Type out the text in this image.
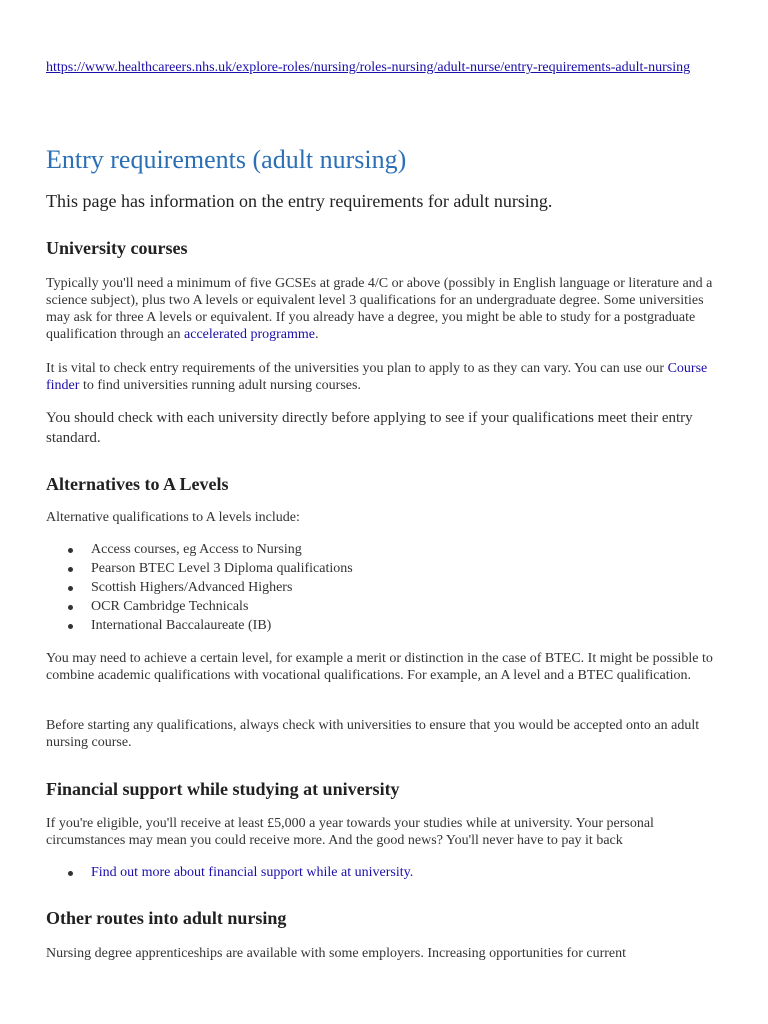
https://www.healthcareers.nhs.uk/explore-roles/nursing/roles-nursing/adult-nurse/entry-requirements-adult-nursing
Entry requirements (adult nursing)

This page has information on the entry requirements for adult nursing.

University courses

Typically you'll need a minimum of five GCSEs at grade 4/C or above (possibly in English language or literature and a science subject), plus two A levels or equivalent level 3 qualifications for an undergraduate degree. Some universities may ask for three A levels or equivalent. If you already have a degree, you might be able to study for a postgraduate qualification through an accelerated programme.

It is vital to check entry requirements of the universities you plan to apply to as they can vary. You can use our Course finder to find universities running adult nursing courses.

You should check with each university directly before applying to see if your qualifications meet their entry standard.

Alternatives to A Levels

Alternative qualifications to A levels include:

Access courses, eg Access to Nursing
Pearson BTEC Level 3 Diploma qualifications
Scottish Highers/Advanced Highers
OCR Cambridge Technicals
International Baccalaureate (IB)

You may need to achieve a certain level, for example a merit or distinction in the case of BTEC. It might be possible to combine academic qualifications with vocational qualifications. For example, an A level and a BTEC qualification.

Before starting any qualifications, always check with universities to ensure that you would be accepted onto an adult nursing course.

Financial support while studying at university

If you're eligible, you'll receive at least £5,000 a year towards your studies while at university. Your personal circumstances may mean you could receive more. And the good news? You'll never have to pay it back

Find out more about financial support while at university.
Other routes into adult nursing

Nursing degree apprenticeships are available with some employers. Increasing opportunities for current
